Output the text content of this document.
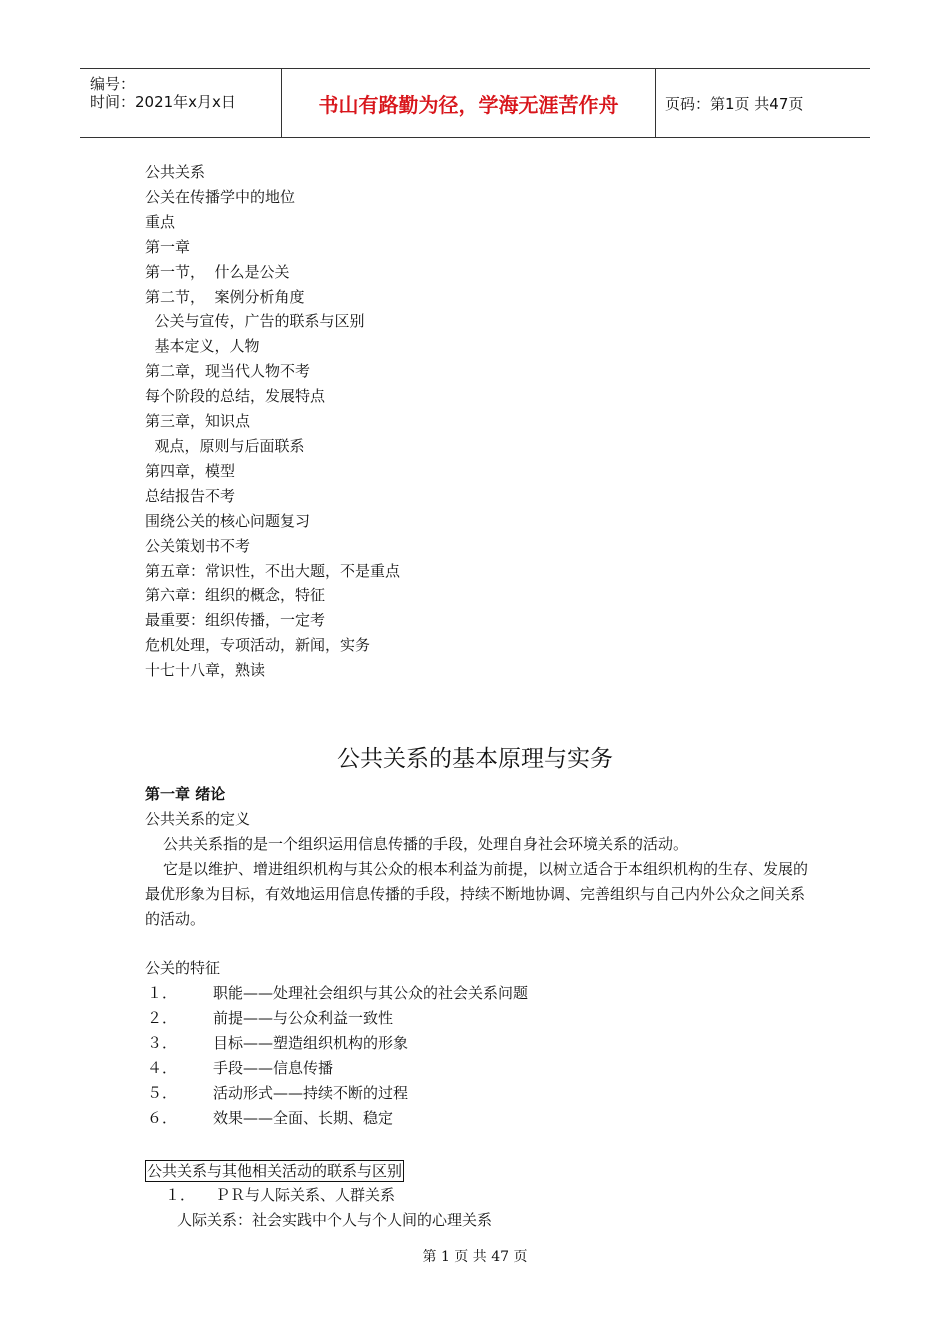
编号：
时间：2021年x月x日	书山有路勤为径，学海无涯苦作舟	页码：第1页 共47页
公共关系
公关在传播学中的地位
重点
第一章
第一节，  什么是公关
第二节，  案例分析角度
公关与宣传，广告的联系与区别
基本定义，人物
第二章，现当代人物不考
每个阶段的总结，发展特点
第三章，知识点
观点，原则与后面联系
第四章，模型
总结报告不考
围绕公关的核心问题复习
公关策划书不考
第五章：常识性，不出大题，不是重点
第六章：组织的概念，特征
最重要：组织传播，一定考
危机处理，专项活动，新闻，实务
十七十八章，熟读
公共关系的基本原理与实务
第一章 绪论
公共关系的定义
公共关系指的是一个组织运用信息传播的手段，处理自身社会环境关系的活动。
它是以维护、增进组织机构与其公众的根本利益为前提，以树立适合于本组织机构的生存、发展的最优形象为目标，有效地运用信息传播的手段，持续不断地协调、完善组织与自己内外公众之间关系的活动。
公关的特征
１．	职能——处理社会组织与其公众的社会关系问题
２．	前提——与公众利益一致性
３．	目标——塑造组织机构的形象
４．	手段——信息传播
５．	活动形式——持续不断的过程
６．	效果——全面、长期、稳定
公共关系与其他相关活动的联系与区别
１． ＰＲ与人际关系、人群关系
人际关系：社会实践中个人与个人间的心理关系
第 1 页 共 47 页
